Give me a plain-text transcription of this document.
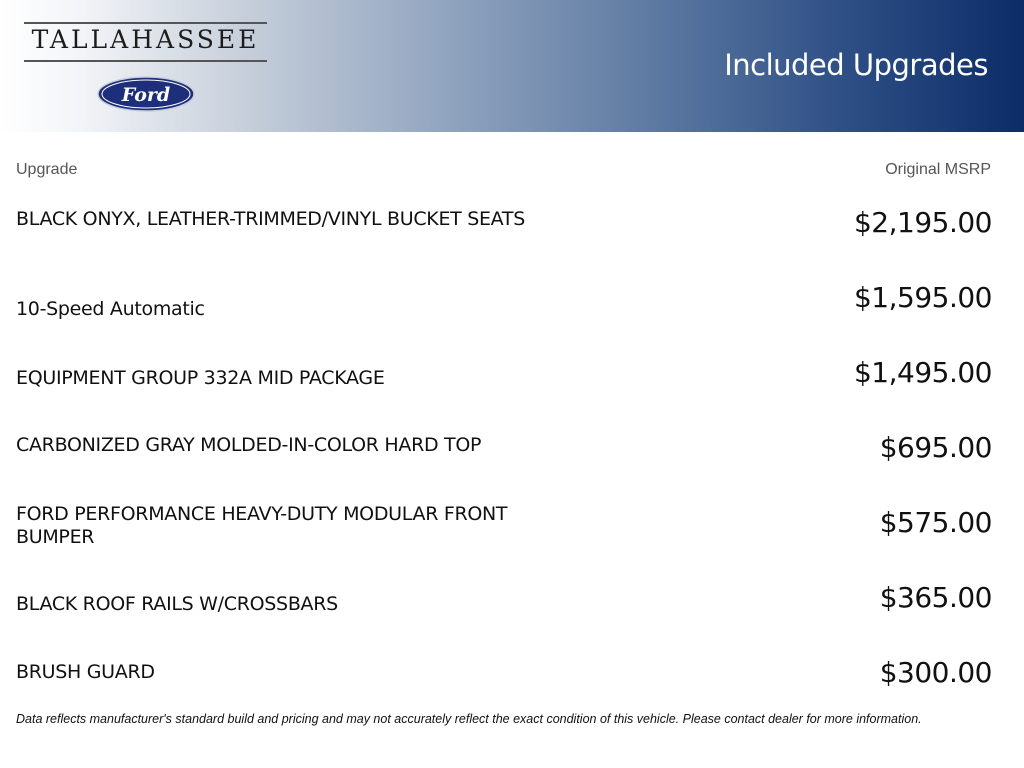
TALLAHASSEE
Ford
Included Upgrades
Upgrade	Original MSRP
BLACK ONYX, LEATHER-TRIMMED/VINYL BUCKET SEATS	$2,195.00
10-Speed Automatic	$1,595.00
EQUIPMENT GROUP 332A MID PACKAGE	$1,495.00
CARBONIZED GRAY MOLDED-IN-COLOR HARD TOP	$695.00
FORD PERFORMANCE HEAVY-DUTY MODULAR FRONT BUMPER	$575.00
BLACK ROOF RAILS W/CROSSBARS	$365.00
BRUSH GUARD	$300.00
Data reflects manufacturer's standard build and pricing and may not accurately reflect the exact condition of this vehicle. Please contact dealer for more information.
